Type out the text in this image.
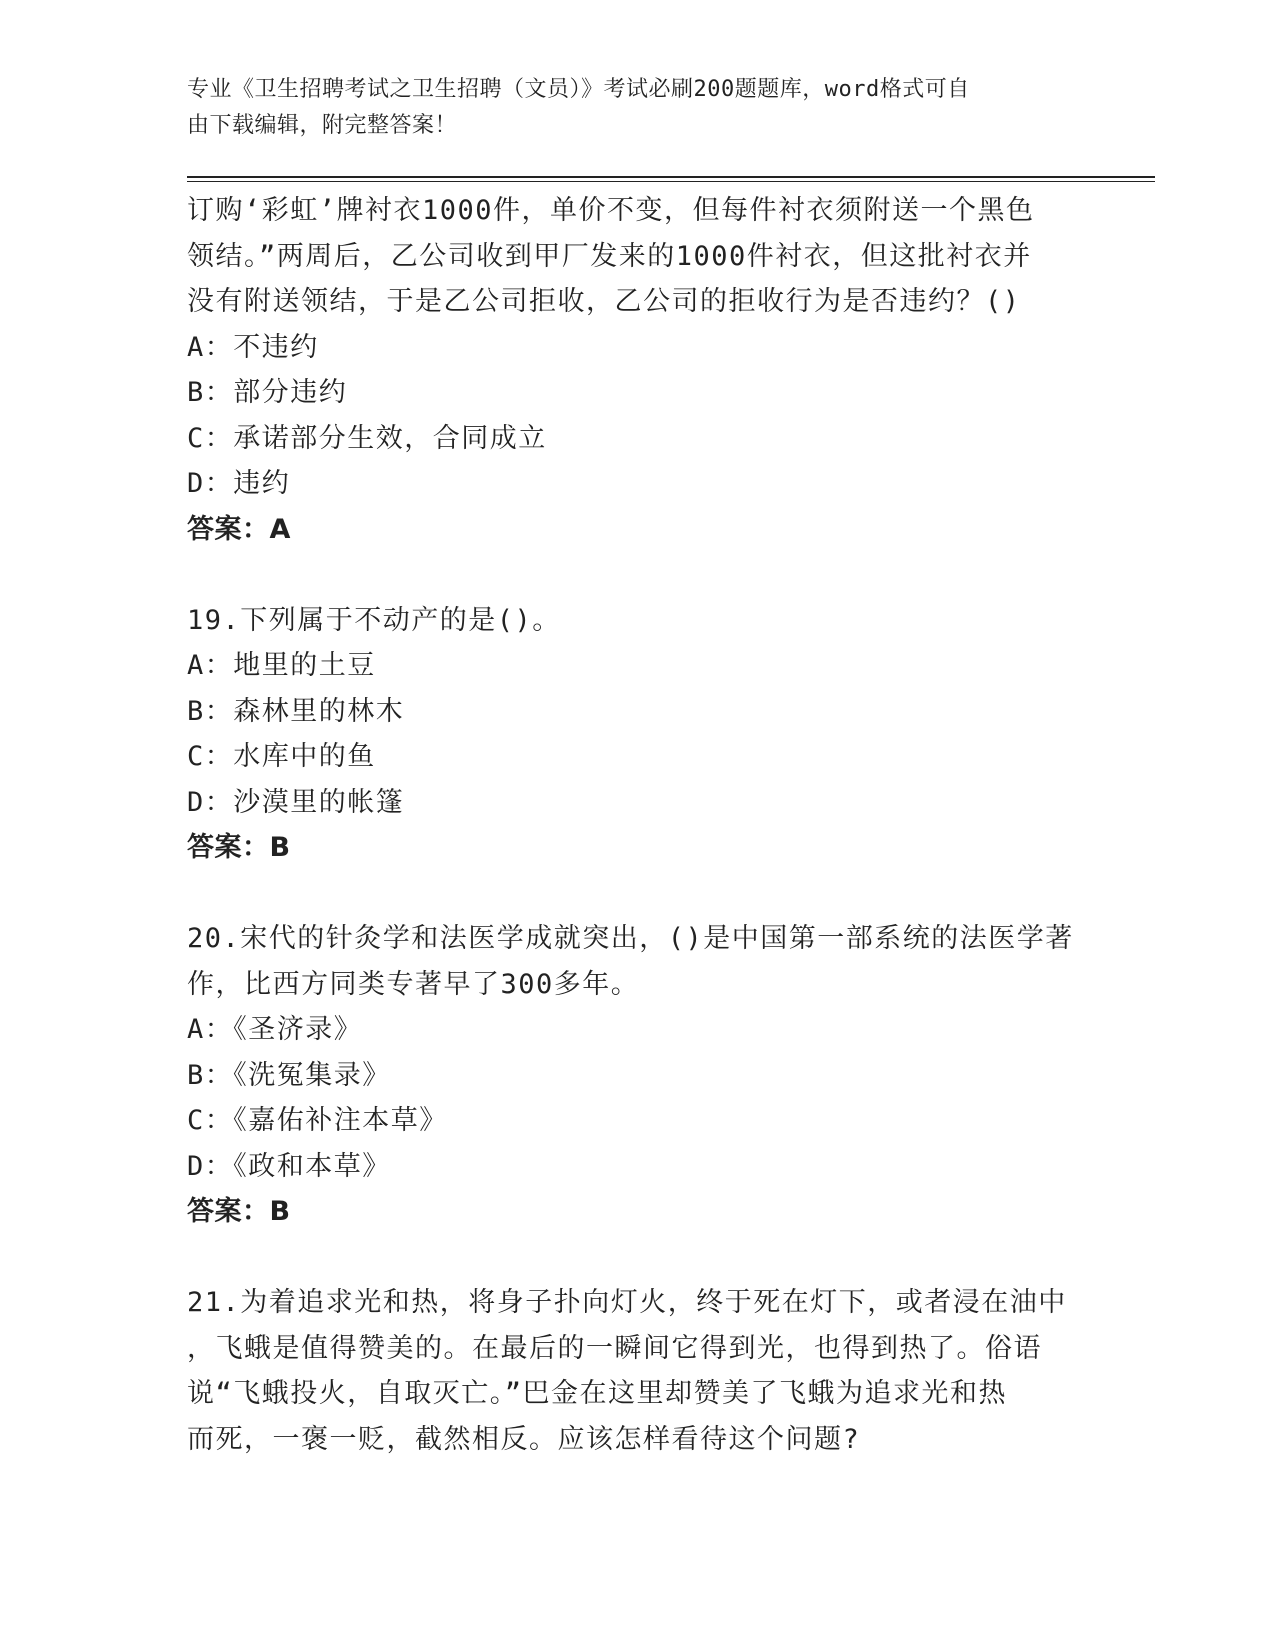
专业《卫生招聘考试之卫生招聘（文员）》考试必刷200题题库，word格式可自
由下载编辑，附完整答案！
订购‘彩虹’牌衬衣1000件，单价不变，但每件衬衣须附送一个黑色
领结。”两周后，乙公司收到甲厂发来的1000件衬衣，但这批衬衣并
没有附送领结，于是乙公司拒收，乙公司的拒收行为是否违约？()
A：不违约
B：部分违约
C：承诺部分生效，合同成立
D：违约
答案：A
19.下列属于不动产的是()。
A：地里的土豆
B：森林里的林木
C：水库中的鱼
D：沙漠里的帐篷
答案：B
20.宋代的针灸学和法医学成就突出，()是中国第一部系统的法医学著
作，比西方同类专著早了300多年。
A：《圣济录》
B：《洗冤集录》
C：《嘉佑补注本草》
D：《政和本草》
答案：B
21.为着追求光和热，将身子扑向灯火，终于死在灯下，或者浸在油中
，飞蛾是值得赞美的。在最后的一瞬间它得到光，也得到热了。俗语
说“飞蛾投火，自取灭亡。”巴金在这里却赞美了飞蛾为追求光和热
而死，一褒一贬，截然相反。应该怎样看待这个问题?
